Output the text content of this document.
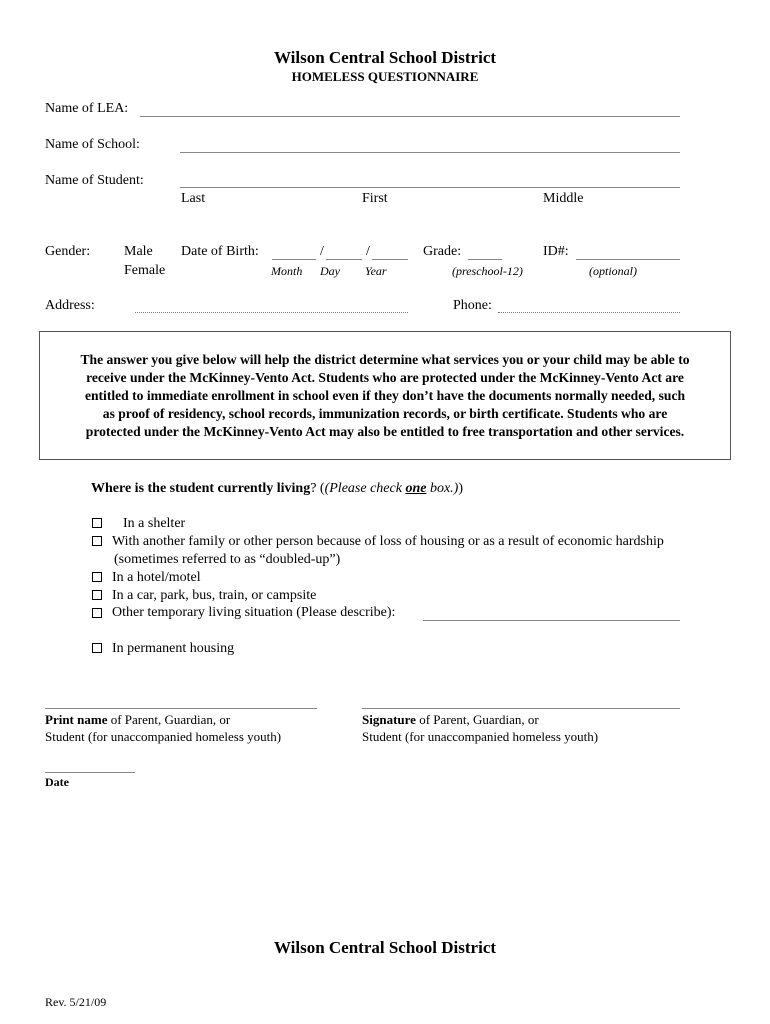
Wilson Central School District
HOMELESS QUESTIONNAIRE
Name of LEA:
Name of School:
Name of Student:
Last	First	Middle
Gender: Male
Female
Date of Birth:	/	/
Month Day Year
Grade:
(preschool-12)
ID#:
(optional)
Address:	Phone:
The answer you give below will help the district determine what services you or your child may be able to
receive under the McKinney-Vento Act. Students who are protected under the McKinney-Vento Act are
entitled to immediate enrollment in school even if they don’t have the documents normally needed, such
as proof of residency, school records, immunization records, or birth certificate. Students who are
protected under the McKinney-Vento Act may also be entitled to free transportation and other services.
Where is the student currently living? ((Please check one box.))
In a shelter
With another family or other person because of loss of housing or as a result of economic hardship
(sometimes referred to as “doubled-up”)
In a hotel/motel
In a car, park, bus, train, or campsite
Other temporary living situation (Please describe):
In permanent housing
Print name of Parent, Guardian, or
Student (for unaccompanied homeless youth)
Signature of Parent, Guardian, or
Student (for unaccompanied homeless youth)
Date
Wilson Central School District
Rev. 5/21/09
